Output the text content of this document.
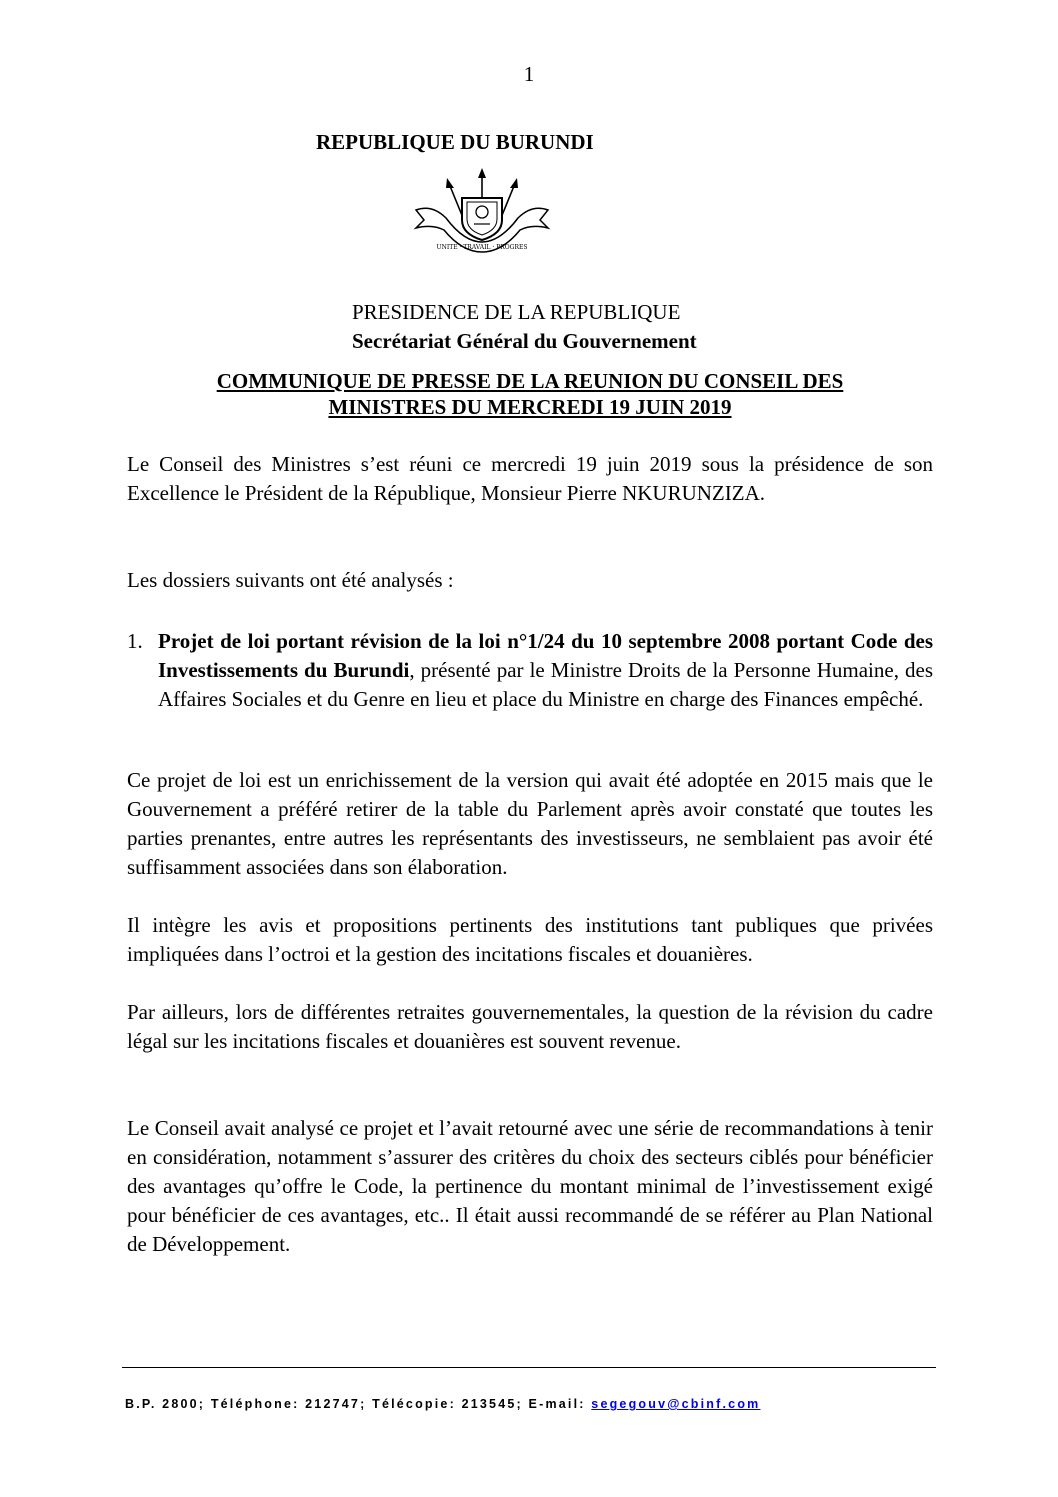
1
REPUBLIQUE DU BURUNDI
UNITE · TRAVAIL · PROGRES
PRESIDENCE DE LA REPUBLIQUE
Secrétariat Général du Gouvernement
COMMUNIQUE DE PRESSE DE LA REUNION DU CONSEIL DES
MINISTRES DU MERCREDI 19 JUIN 2019

Le Conseil des Ministres s’est réuni ce mercredi 19 juin 2019 sous la présidence de son Excellence le Président de la République, Monsieur Pierre NKURUNZIZA.

Les dossiers suivants ont été analysés :

1. Projet de loi portant révision de la loi n°1/24 du 10 septembre 2008 portant Code des Investissements du Burundi, présenté par le Ministre Droits de la Personne Humaine, des Affaires Sociales et du Genre en lieu et place du Ministre en charge des Finances empêché.

Ce projet de loi est un enrichissement de la version qui avait été adoptée en 2015 mais que le Gouvernement a préféré retirer de la table du Parlement après avoir constaté que toutes les parties prenantes, entre autres les représentants des investisseurs, ne semblaient pas avoir été suffisamment associées dans son élaboration.

Il intègre les avis et propositions pertinents des institutions tant publiques que privées impliquées dans l’octroi et la gestion des incitations fiscales et douanières.

Par ailleurs, lors de différentes retraites gouvernementales, la question de la révision du cadre légal sur les incitations fiscales et douanières est souvent revenue.

Le Conseil avait analysé ce projet et l’avait retourné avec une série de recommandations à tenir en considération, notamment s’assurer des critères du choix des secteurs ciblés pour bénéficier des avantages qu’offre le Code, la pertinence du montant minimal de l’investissement exigé pour bénéficier de ces avantages, etc.. Il était aussi recommandé de se référer au Plan National de Développement.

B.P. 2800; Téléphone: 212747; Télécopie: 213545; E-mail: segegouv@cbinf.com
